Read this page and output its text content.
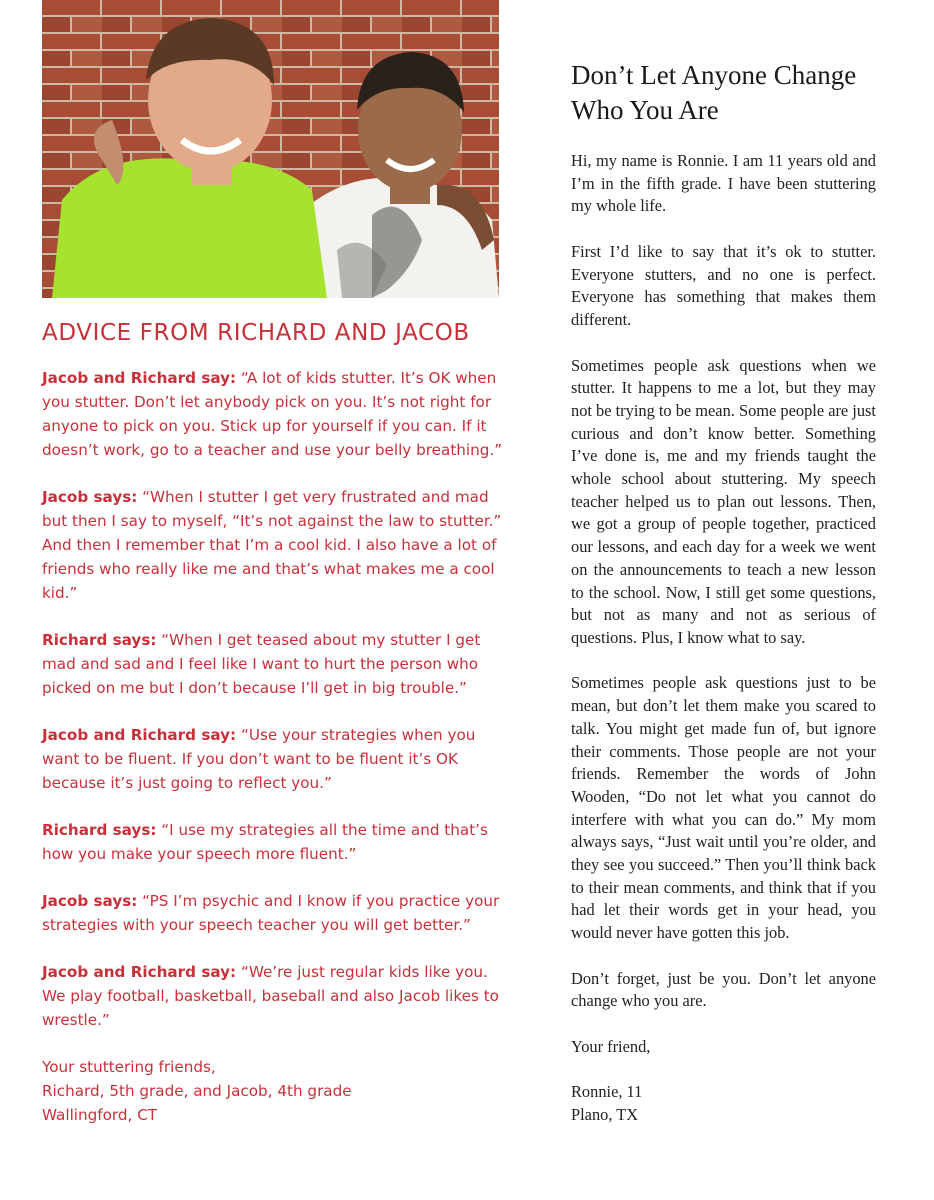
ADVICE FROM RICHARD AND JACOB

Jacob and Richard say: “A lot of kids stutter. It’s OK when you stutter. Don’t let anybody pick on you. It’s not right for anyone to pick on you. Stick up for yourself if you can. If it doesn’t work, go to a teacher and use your belly breathing.”

Jacob says: “When I stutter I get very frustrated and mad but then I say to myself, “It’s not against the law to stutter.” And then I remember that I’m a cool kid. I also have a lot of friends who really like me and that’s what makes me a cool kid.”

Richard says: “When I get teased about my stutter I get mad and sad and I feel like I want to hurt the person who picked on me but I don’t because I’ll get in big trouble.”

Jacob and Richard say: “Use your strategies when you want to be fluent. If you don’t want to be fluent it’s OK because it’s just going to reflect you.”

Richard says: “I use my strategies all the time and that’s how you make your speech more fluent.”

Jacob says: “PS I’m psychic and I know if you practice your strategies with your speech teacher you will get better.”

Jacob and Richard say: “We’re just regular kids like you. We play football, basketball, baseball and also Jacob likes to wrestle.”

Your stuttering friends,
Richard, 5th grade, and Jacob, 4th grade
Wallingford, CT
Don’t Let Anyone Change
Who You Are

Hi, my name is Ronnie. I am 11 years old and I’m in the fifth grade. I have been stuttering my whole life.

First I’d like to say that it’s ok to stutter. Everyone stutters, and no one is perfect. Everyone has something that makes them different.

Sometimes people ask questions when we stutter. It happens to me a lot, but they may not be trying to be mean. Some people are just curious and don’t know better. Something I’ve done is, me and my friends taught the whole school about stuttering. My speech teacher helped us to plan out lessons. Then, we got a group of people together, practiced our lessons, and each day for a week we went on the announcements to teach a new lesson to the school. Now, I still get some questions, but not as many and not as serious of questions. Plus, I know what to say.

Sometimes people ask questions just to be mean, but don’t let them make you scared to talk. You might get made fun of, but ignore their comments. Those people are not your friends. Remember the words of John Wooden, “Do not let what you cannot do interfere with what you can do.” My mom always says, “Just wait until you’re older, and they see you succeed.” Then you’ll think back to their mean comments, and think that if you had let their words get in your head, you would never have gotten this job.

Don’t forget, just be you. Don’t let anyone change who you are.

Your friend,

Ronnie, 11
Plano, TX
